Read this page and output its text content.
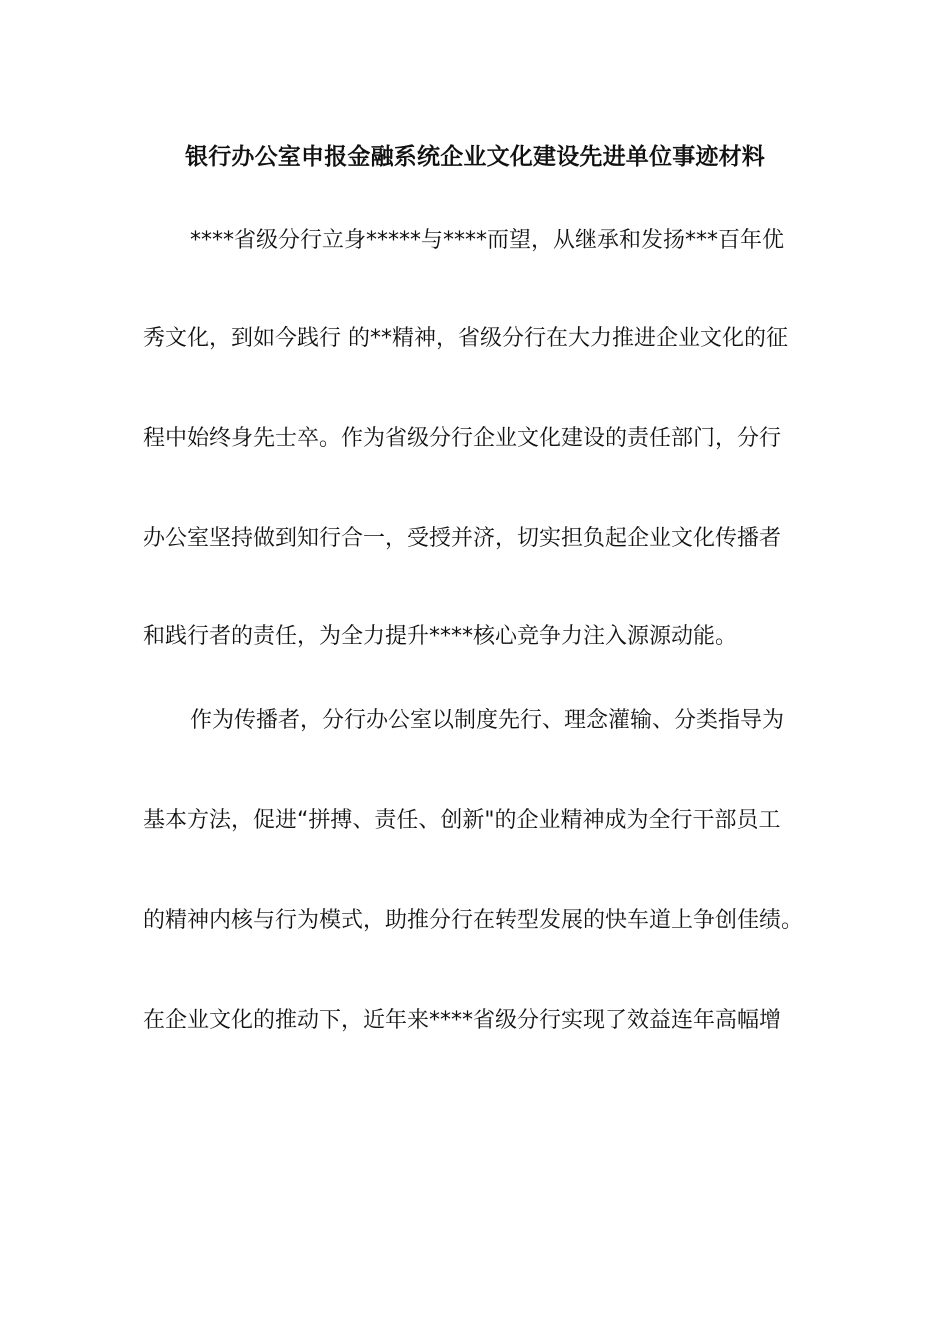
银行办公室申报金融系统企业文化建设先进单位事迹材料
****省级分行立身*****与****而望，从继承和发扬***百年优
秀文化，到如今践行 的**精神，省级分行在大力推进企业文化的征
程中始终身先士卒。作为省级分行企业文化建设的责任部门，分行
办公室坚持做到知行合一，受授并济，切实担负起企业文化传播者
和践行者的责任，为全力提升****核心竞争力注入源源动能。
作为传播者，分行办公室以制度先行、理念灌输、分类指导为
基本方法，促进“拼搏、责任、创新"的企业精神成为全行干部员工
的精神内核与行为模式，助推分行在转型发展的快车道上争创佳绩。
在企业文化的推动下，近年来****省级分行实现了效益连年高幅增
